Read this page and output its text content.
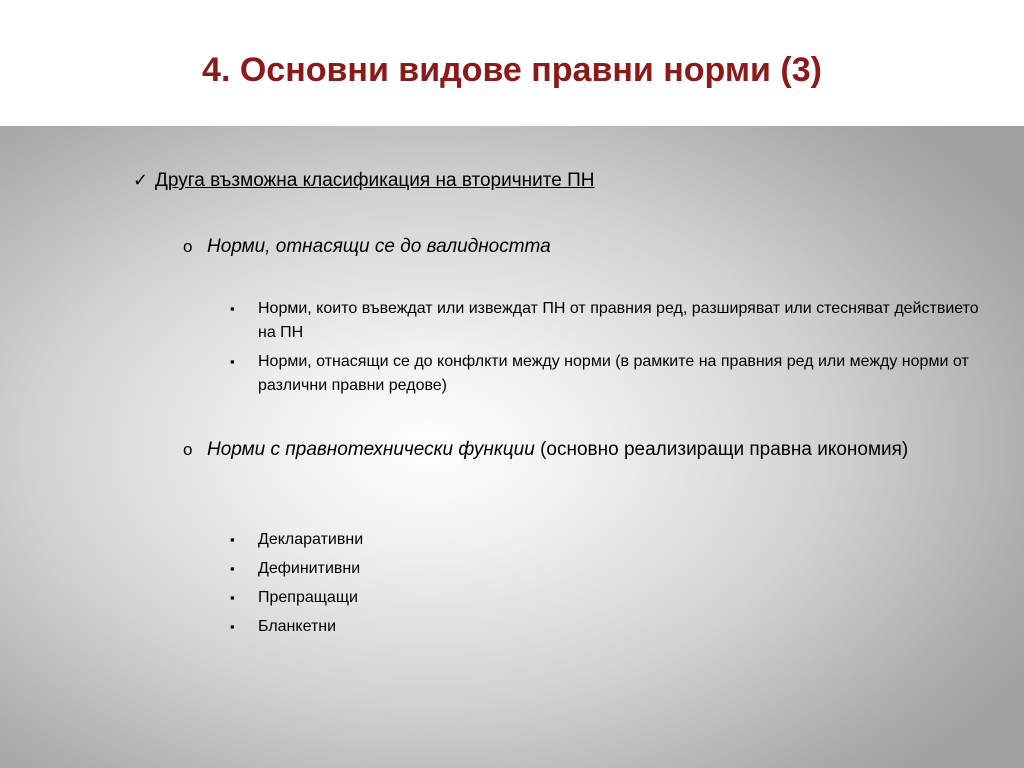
4. Основни видове правни норми (3)
✓ Друга възможна класификация на вторичните ПН
o Норми, отнасящи се до валидността
▪ Норми, които въвеждат или извеждат ПН от правния ред, разширяват или стесняват действието на ПН
▪ Норми, отнасящи се до конфлкти между норми (в рамките на правния ред или между норми от различни правни редове)
o Норми с правнотехнически функции (основно реализиращи правна икономия)
▪ Декларативни
▪ Дефинитивни
▪ Препращащи
▪ Бланкетни
